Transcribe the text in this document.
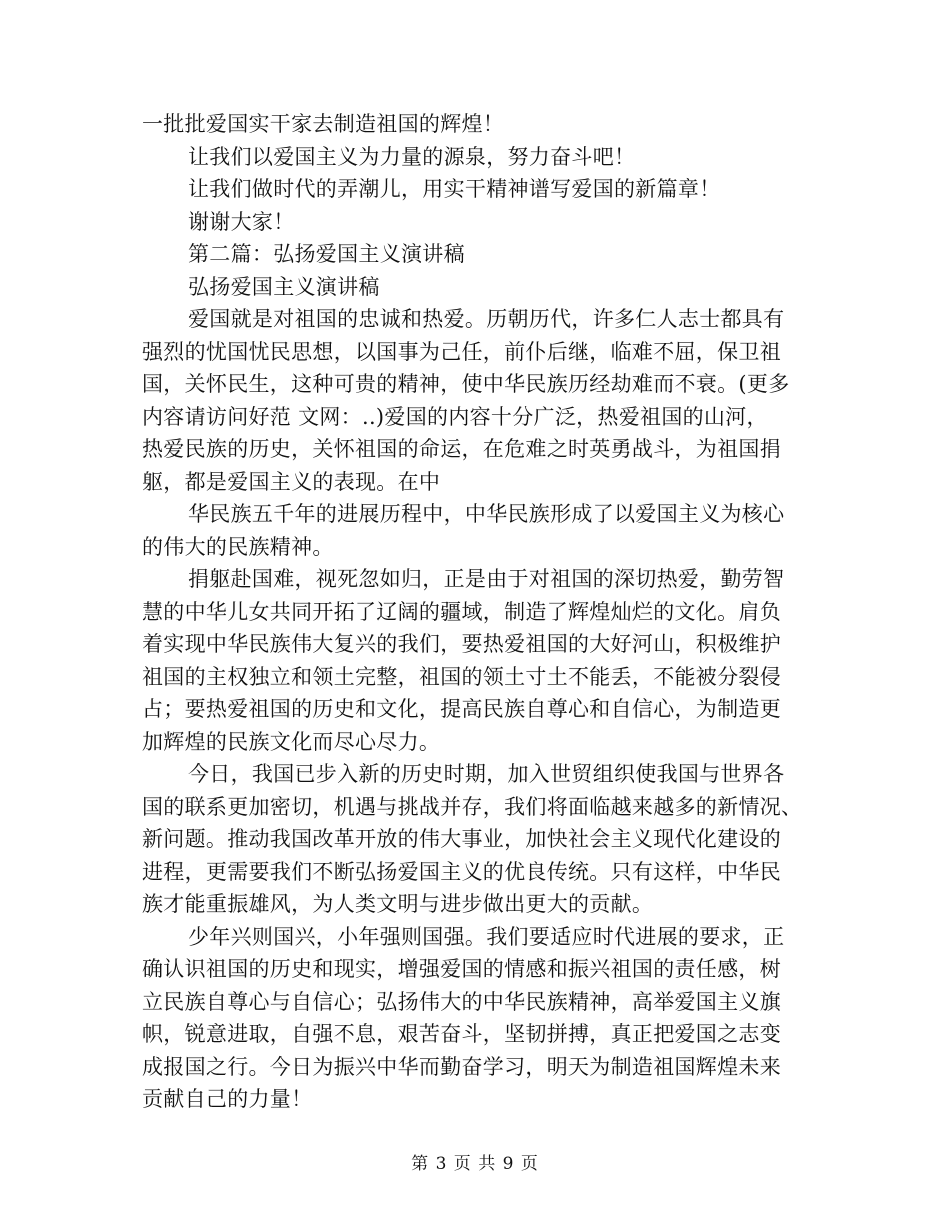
一批批爱国实干家去制造祖国的辉煌！
让我们以爱国主义为力量的源泉，努力奋斗吧！
让我们做时代的弄潮儿，用实干精神谱写爱国的新篇章！
谢谢大家！
第二篇：弘扬爱国主义演讲稿
弘扬爱国主义演讲稿
爱国就是对祖国的忠诚和热爱。历朝历代，许多仁人志士都具有
强烈的忧国忧民思想，以国事为己任，前仆后继，临难不屈，保卫祖
国，关怀民生，这种可贵的精神，使中华民族历经劫难而不衰。(更多
内容请访问好范 文网：..)爱国的内容十分广泛，热爱祖国的山河，
热爱民族的历史，关怀祖国的命运，在危难之时英勇战斗，为祖国捐
躯，都是爱国主义的表现。在中
华民族五千年的进展历程中，中华民族形成了以爱国主义为核心
的伟大的民族精神。
捐躯赴国难，视死忽如归，正是由于对祖国的深切热爱，勤劳智
慧的中华儿女共同开拓了辽阔的疆域，制造了辉煌灿烂的文化。肩负
着实现中华民族伟大复兴的我们，要热爱祖国的大好河山，积极维护
祖国的主权独立和领土完整，祖国的领土寸土不能丢，不能被分裂侵
占；要热爱祖国的历史和文化，提高民族自尊心和自信心，为制造更
加辉煌的民族文化而尽心尽力。
今日，我国已步入新的历史时期，加入世贸组织使我国与世界各
国的联系更加密切，机遇与挑战并存，我们将面临越来越多的新情况、
新问题。推动我国改革开放的伟大事业，加快社会主义现代化建设的
进程，更需要我们不断弘扬爱国主义的优良传统。只有这样，中华民
族才能重振雄风，为人类文明与进步做出更大的贡献。
少年兴则国兴，小年强则国强。我们要适应时代进展的要求，正
确认识祖国的历史和现实，增强爱国的情感和振兴祖国的责任感，树
立民族自尊心与自信心；弘扬伟大的中华民族精神，高举爱国主义旗
帜，锐意进取，自强不息，艰苦奋斗，坚韧拼搏，真正把爱国之志变
成报国之行。今日为振兴中华而勤奋学习，明天为制造祖国辉煌未来
贡献自己的力量！
第 3 页 共 9 页
